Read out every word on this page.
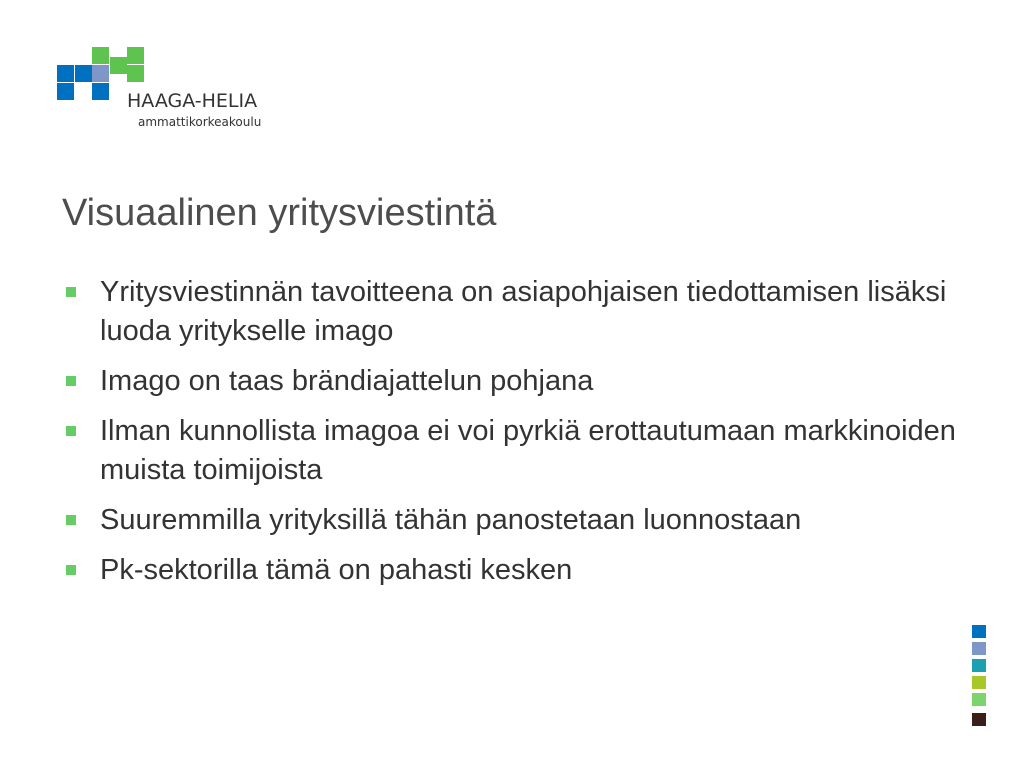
HAAGA-HELIA
ammattikorkeakoulu
Visuaalinen yritysviestintä
Yritysviestinnän tavoitteena on asiapohjaisen tiedottamisen lisäksi luoda yritykselle imago
Imago on taas brändiajattelun pohjana
Ilman kunnollista imagoa ei voi pyrkiä erottautumaan markkinoiden muista toimijoista
Suuremmilla yrityksillä tähän panostetaan luonnostaan
Pk-sektorilla tämä on pahasti kesken
